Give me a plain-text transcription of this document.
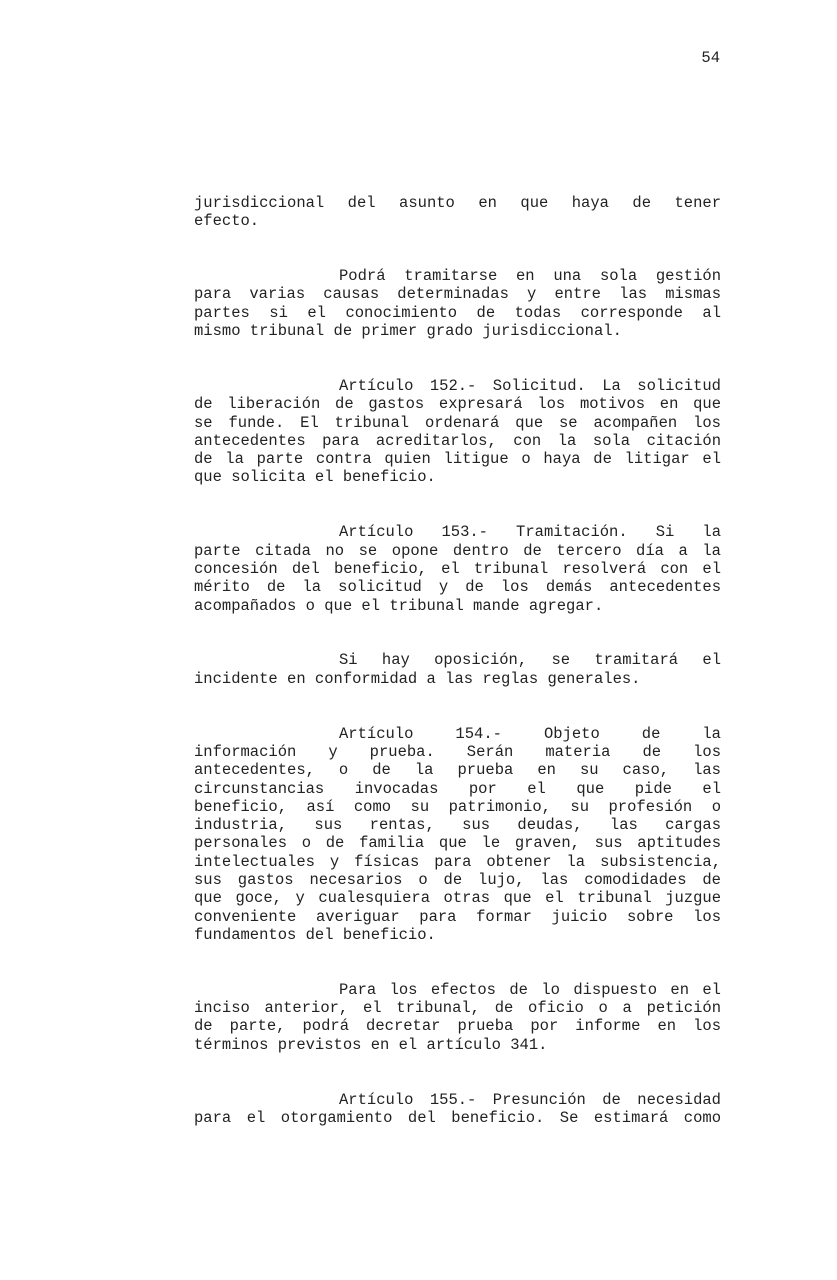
54
jurisdiccional del asunto en que haya de tener
efecto.
Podrá tramitarse en una sola gestión
para varias causas determinadas y entre las mismas
partes si el conocimiento de todas corresponde al
mismo tribunal de primer grado jurisdiccional.
Artículo 152.- Solicitud. La solicitud
de liberación de gastos expresará los motivos en que
se funde. El tribunal ordenará que se acompañen los
antecedentes para acreditarlos, con la sola citación
de la parte contra quien litigue o haya de litigar el
que solicita el beneficio.
Artículo 153.- Tramitación. Si la
parte citada no se opone dentro de tercero día a la
concesión del beneficio, el tribunal resolverá con el
mérito de la solicitud y de los demás antecedentes
acompañados o que el tribunal mande agregar.
Si hay oposición, se tramitará el
incidente en conformidad a las reglas generales.
Artículo 154.- Objeto de la
información y prueba. Serán materia de los
antecedentes, o de la prueba en su caso, las
circunstancias invocadas por el que pide el
beneficio, así como su patrimonio, su profesión o
industria, sus rentas, sus deudas, las cargas
personales o de familia que le graven, sus aptitudes
intelectuales y físicas para obtener la subsistencia,
sus gastos necesarios o de lujo, las comodidades de
que goce, y cualesquiera otras que el tribunal juzgue
conveniente averiguar para formar juicio sobre los
fundamentos del beneficio.
Para los efectos de lo dispuesto en el
inciso anterior, el tribunal, de oficio o a petición
de parte, podrá decretar prueba por informe en los
términos previstos en el artículo 341.
Artículo 155.- Presunción de necesidad
para el otorgamiento del beneficio. Se estimará como
